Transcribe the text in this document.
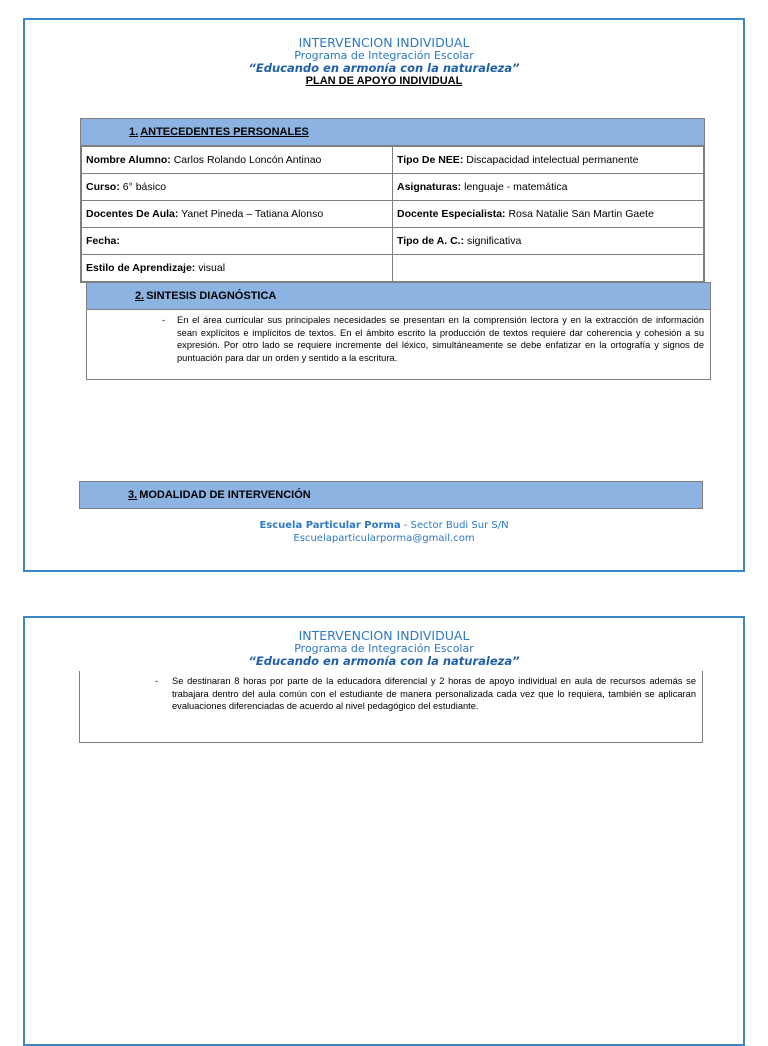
INTERVENCION INDIVIDUAL
Programa de Integración Escolar
“Educando en armonía con la naturaleza”
PLAN DE APOYO INDIVIDUAL
1. ANTECEDENTES PERSONALES
Nombre Alumno: Carlos Rolando Loncón Antinao	Tipo De NEE: Discapacidad intelectual permanente
Curso: 6° básico	Asignaturas: lenguaje - matemática
Docentes De Aula: Yanet Pineda – Tatiana Alonso	Docente Especialista: Rosa Natalie San Martin Gaete
Fecha:	Tipo de A. C.: significativa
Estilo de Aprendizaje: visual	
2. SINTESIS DIAGNÓSTICA
- En el área curricular sus principales necesidades se presentan en la comprensión lectora y en la extracción de información sean explícitos e implícitos de textos. En el ámbito escrito la producción de textos requiere dar coherencia y cohesión a su expresión. Por otro lado se requiere incremente del léxico, simultáneamente se debe enfatizar en la ortografía y signos de puntuación para dar un orden y sentido a la escritura.
3. MODALIDAD DE INTERVENCIÓN
Escuela Particular Porma - Sector Budi Sur S/N
Escuelaparticularporma@gmail.com
INTERVENCION INDIVIDUAL
Programa de Integración Escolar
“Educando en armonía con la naturaleza”
- Se destinaran 8 horas por parte de la educadora diferencial y 2 horas de apoyo individual en aula de recursos además se trabajara dentro del aula común con el estudiante de manera personalizada cada vez que lo requiera, también se aplicaran evaluaciones diferenciadas de acuerdo al nivel pedagógico del estudiante.
